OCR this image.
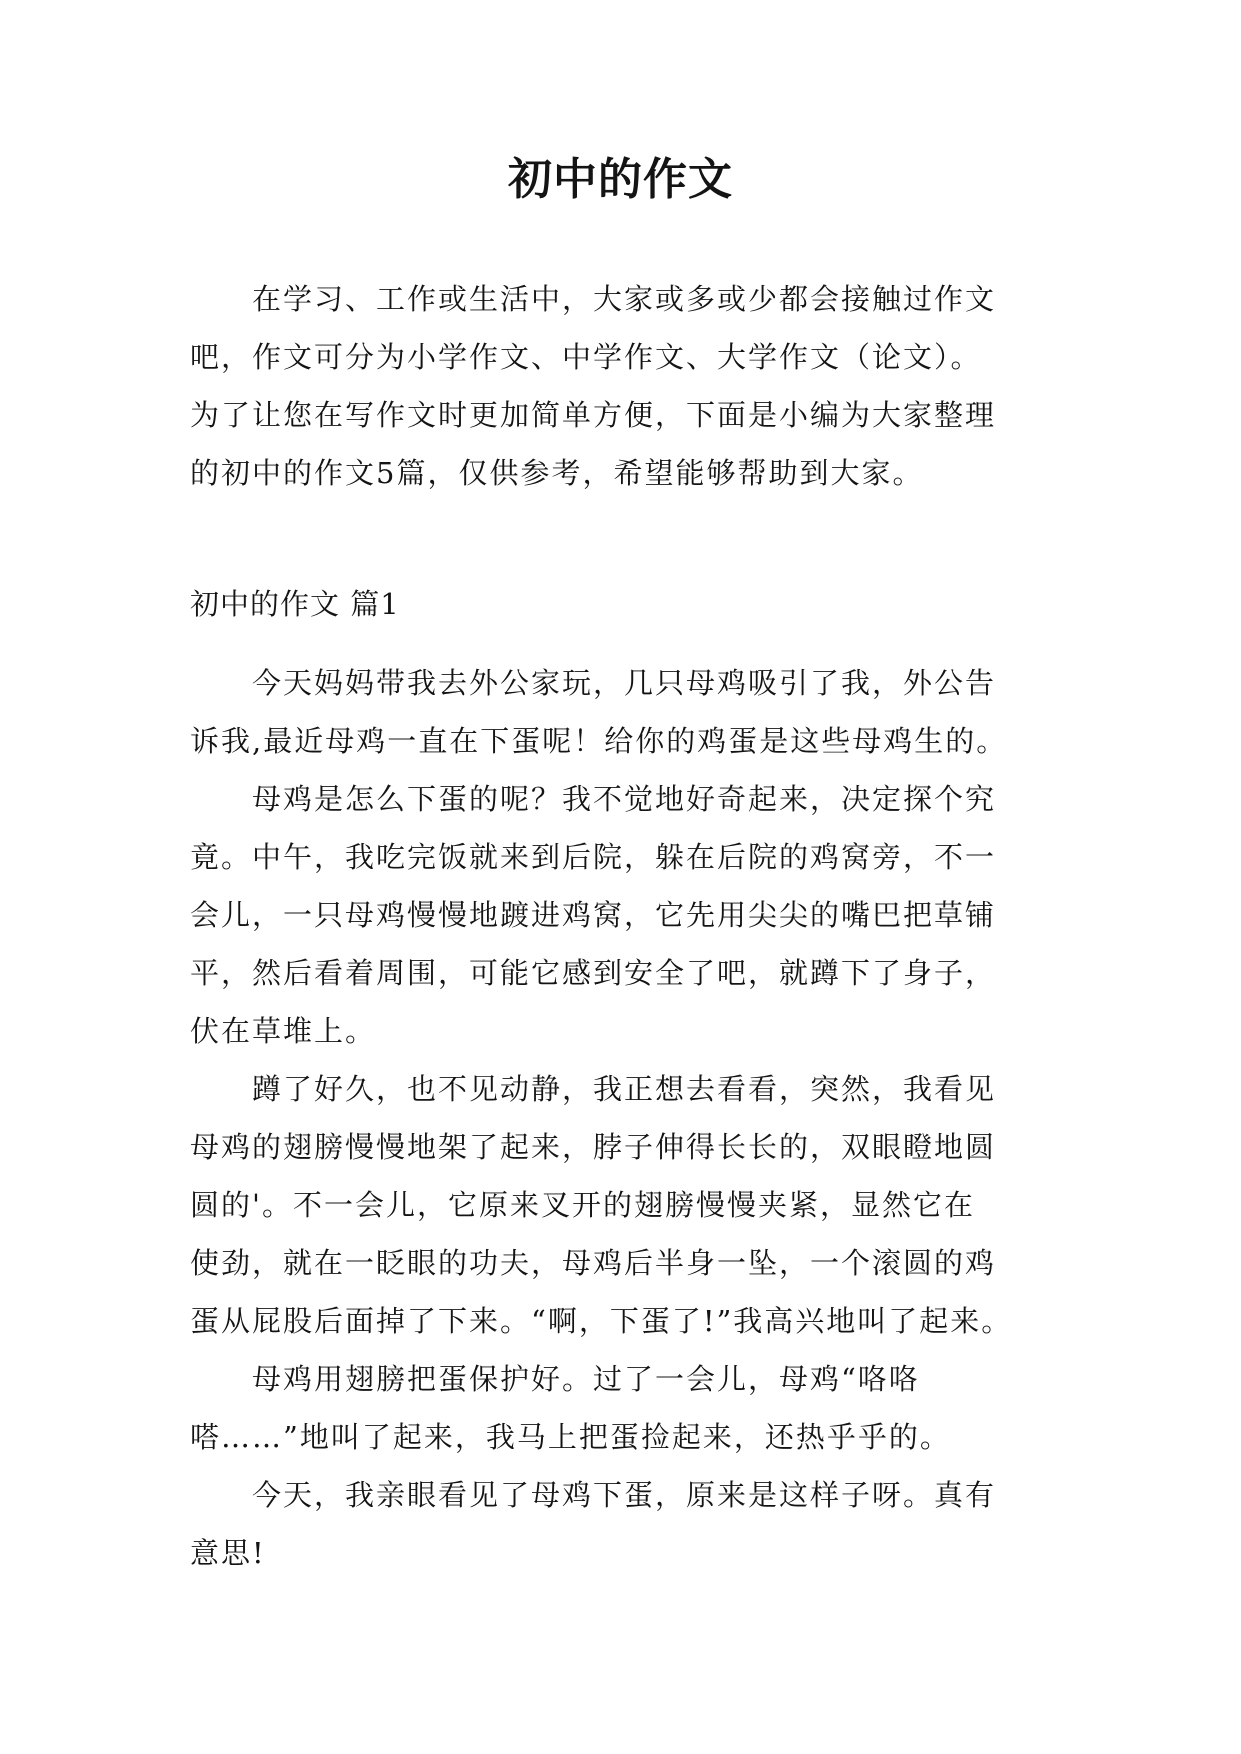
初中的作文
　　在学习、工作或生活中，大家或多或少都会接触过作文
吧，作文可分为小学作文、中学作文、大学作文（论文）。
为了让您在写作文时更加简单方便，下面是小编为大家整理
的初中的作文5篇，仅供参考，希望能够帮助到大家。
初中的作文 篇1
　　今天妈妈带我去外公家玩，几只母鸡吸引了我，外公告
诉我,最近母鸡一直在下蛋呢！给你的鸡蛋是这些母鸡生的。
　　母鸡是怎么下蛋的呢？我不觉地好奇起来，决定探个究
竟。中午，我吃完饭就来到后院，躲在后院的鸡窝旁，不一
会儿，一只母鸡慢慢地踱进鸡窝，它先用尖尖的嘴巴把草铺
平，然后看着周围，可能它感到安全了吧，就蹲下了身子，
伏在草堆上。
　　蹲了好久，也不见动静，我正想去看看，突然，我看见
母鸡的翅膀慢慢地架了起来，脖子伸得长长的，双眼瞪地圆
圆的'。不一会儿，它原来叉开的翅膀慢慢夹紧，显然它在
使劲，就在一眨眼的功夫，母鸡后半身一坠，一个滚圆的鸡
蛋从屁股后面掉了下来。“啊，下蛋了!”我高兴地叫了起来。
　　母鸡用翅膀把蛋保护好。过了一会儿，母鸡“咯咯
嗒……”地叫了起来，我马上把蛋捡起来，还热乎乎的。
　　今天，我亲眼看见了母鸡下蛋，原来是这样子呀。真有
意思!
